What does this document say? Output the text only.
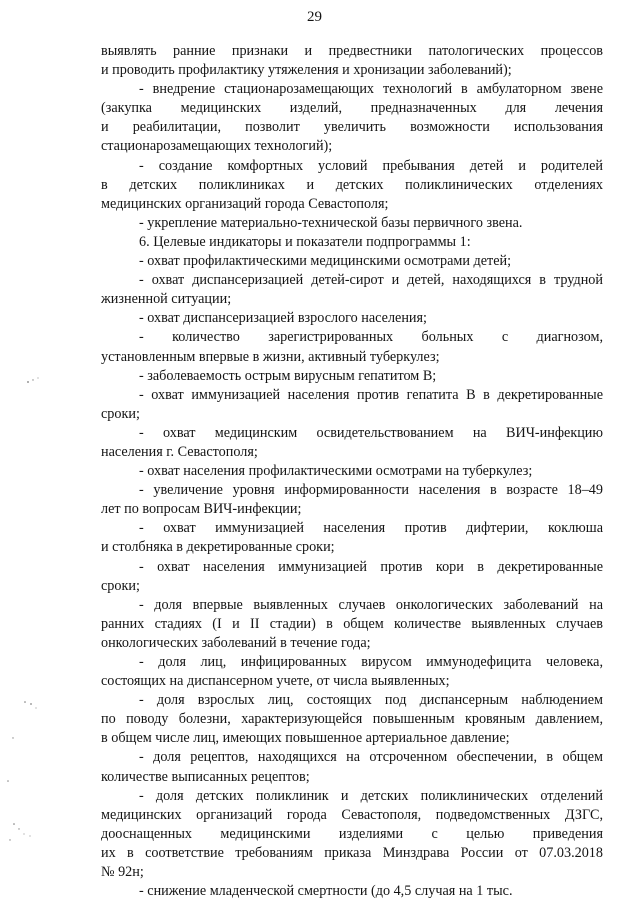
29
выявлять ранние признаки и предвестники патологических процессов
и проводить профилактику утяжеления и хронизации заболеваний);
- внедрение стационарозамещающих технологий в амбулаторном звене
(закупка медицинских изделий, предназначенных для лечения
и реабилитации, позволит увеличить возможности использования
стационарозамещающих технологий);
- создание комфортных условий пребывания детей и родителей
в детских поликлиниках и детских поликлинических отделениях
медицинских организаций города Севастополя;
- укрепление материально-технической базы первичного звена.
6. Целевые индикаторы и показатели подпрограммы 1:
- охват профилактическими медицинскими осмотрами детей;
- охват диспансеризацией детей-сирот и детей, находящихся в трудной
жизненной ситуации;
- охват диспансеризацией взрослого населения;
- количество зарегистрированных больных с диагнозом,
установленным впервые в жизни, активный туберкулез;
- заболеваемость острым вирусным гепатитом В;
- охват иммунизацией населения против гепатита В в декретированные
сроки;
- охват медицинским освидетельствованием на ВИЧ-инфекцию
населения г. Севастополя;
- охват населения профилактическими осмотрами на туберкулез;
- увеличение уровня информированности населения в возрасте 18–49
лет по вопросам ВИЧ-инфекции;
- охват иммунизацией населения против дифтерии, коклюша
и столбняка в декретированные сроки;
- охват населения иммунизацией против кори в декретированные
сроки;
- доля впервые выявленных случаев онкологических заболеваний на
ранних стадиях (I и II стадии) в общем количестве выявленных случаев
онкологических заболеваний в течение года;
- доля лиц, инфицированных вирусом иммунодефицита человека,
состоящих на диспансерном учете, от числа выявленных;
- доля взрослых лиц, состоящих под диспансерным наблюдением
по поводу болезни, характеризующейся повышенным кровяным давлением,
в общем числе лиц, имеющих повышенное артериальное давление;
- доля рецептов, находящихся на отсроченном обеспечении, в общем
количестве выписанных рецептов;
- доля детских поликлиник и детских поликлинических отделений
медицинских организаций города Севастополя, подведомственных ДЗГС,
дооснащенных медицинскими изделиями с целью приведения
их в соответствие требованиям приказа Минздрава России от 07.03.2018
№ 92н;
- снижение младенческой смертности (до 4,5 случая на 1 тыс.
